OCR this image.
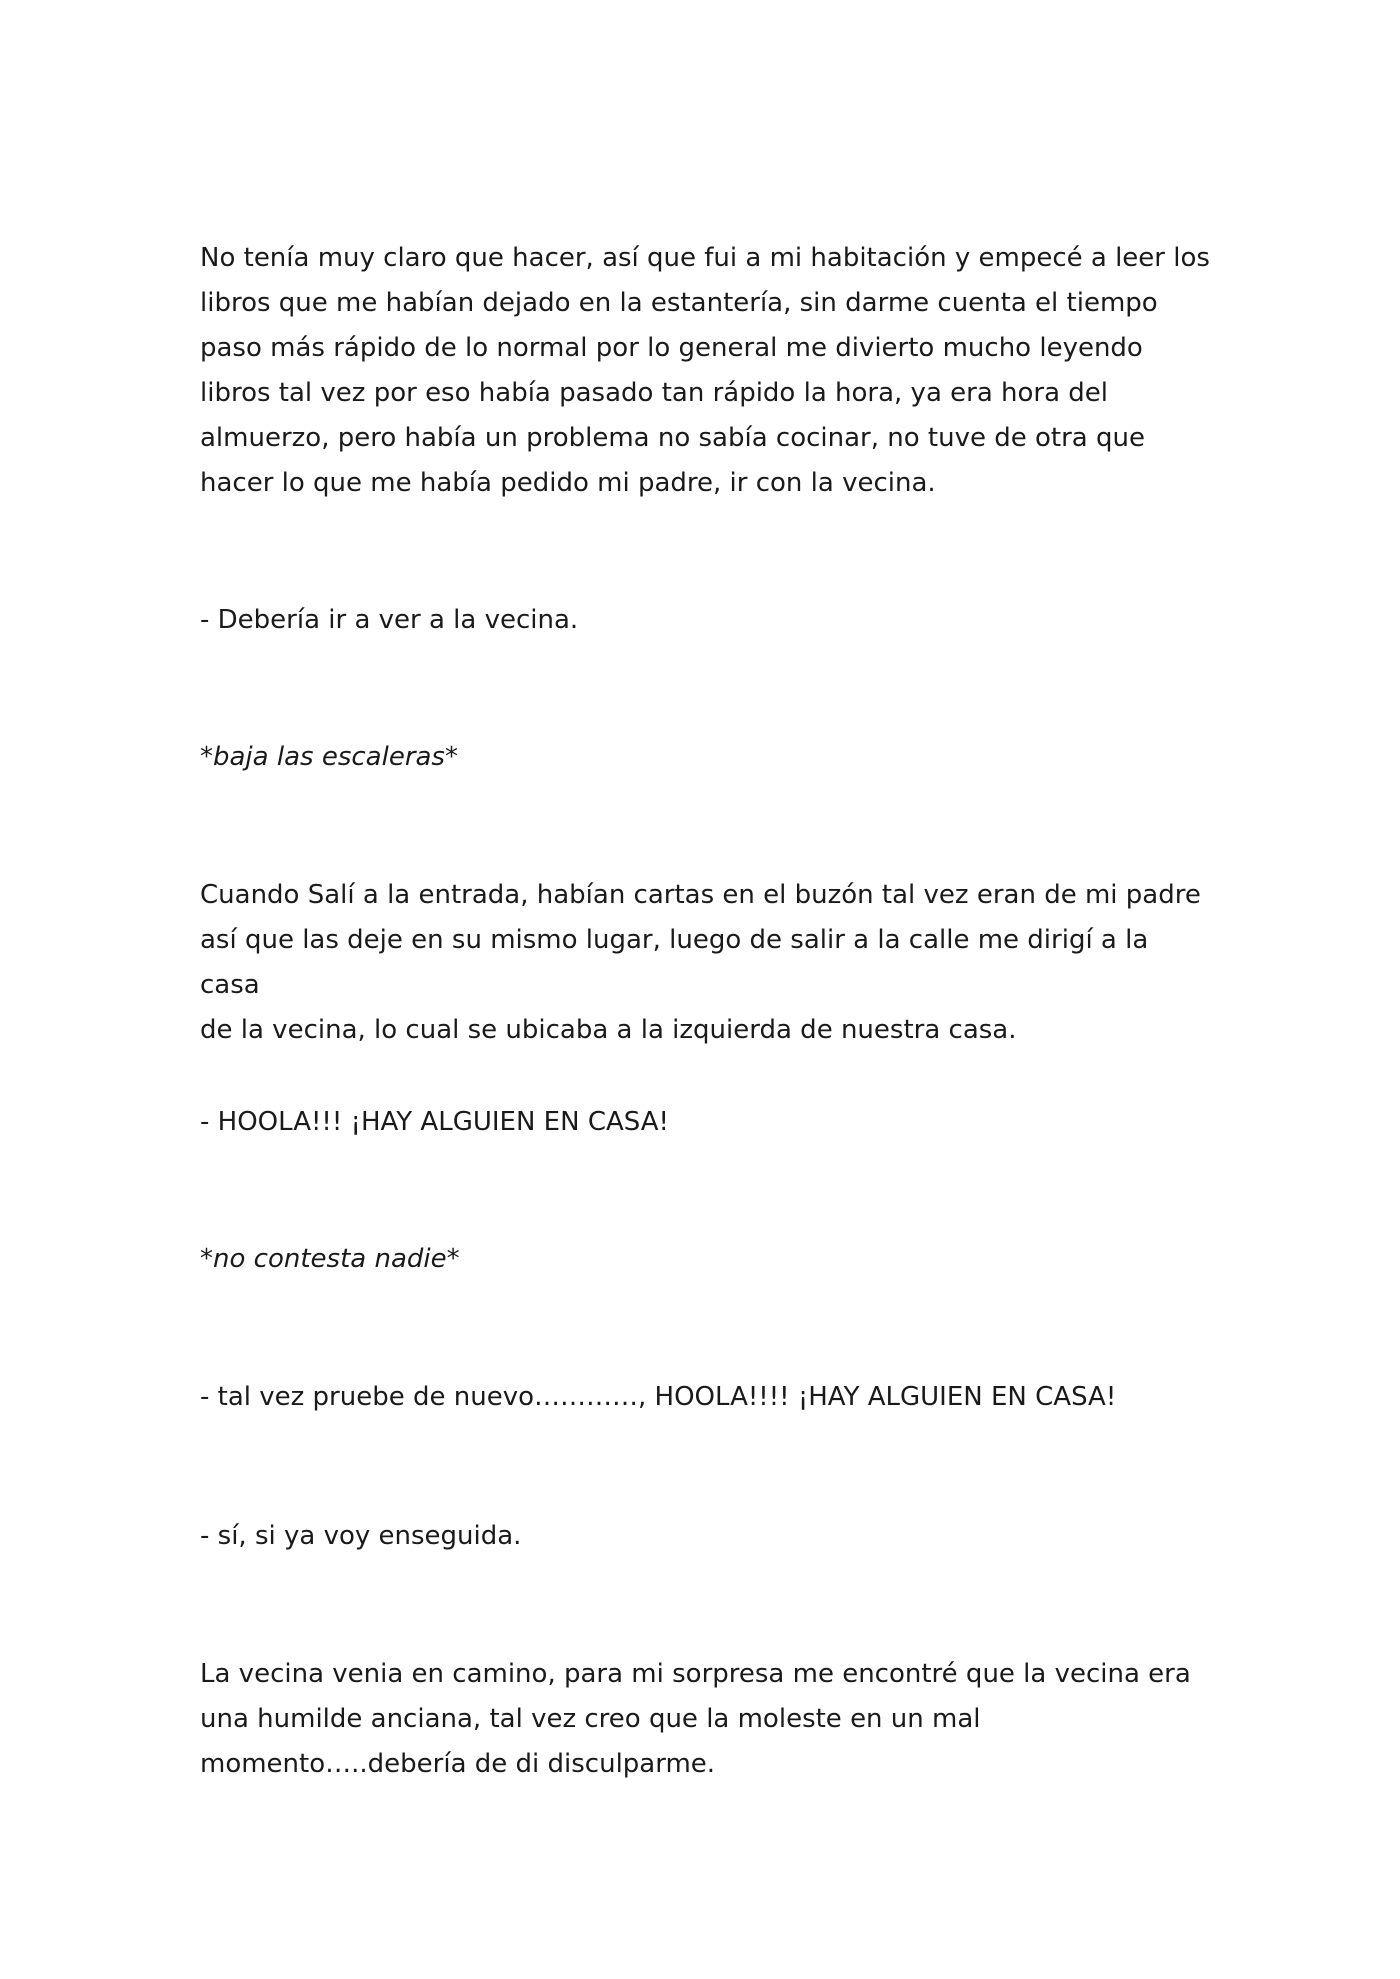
No tenía muy claro que hacer, así que fui a mi habitación y empecé a leer los
libros que me habían dejado en la estantería, sin darme cuenta el tiempo
paso más rápido de lo normal por lo general me divierto mucho leyendo
libros tal vez por eso había pasado tan rápido la hora, ya era hora del
almuerzo, pero había un problema no sabía cocinar, no tuve de otra que
hacer lo que me había pedido mi padre, ir con la vecina.

- Debería ir a ver a la vecina.

*baja las escaleras*

Cuando Salí a la entrada, habían cartas en el buzón tal vez eran de mi padre
así que las deje en su mismo lugar, luego de salir a la calle me dirigí a la casa
de la vecina, lo cual se ubicaba a la izquierda de nuestra casa.

- HOOLA!!! ¡HAY ALGUIEN EN CASA!

*no contesta nadie*

- tal vez pruebe de nuevo…………, HOOLA!!!! ¡HAY ALGUIEN EN CASA!

- sí, si ya voy enseguida.

La vecina venia en camino, para mi sorpresa me encontré que la vecina era
una humilde anciana, tal vez creo que la moleste en un mal
momento…..debería de di disculparme.
